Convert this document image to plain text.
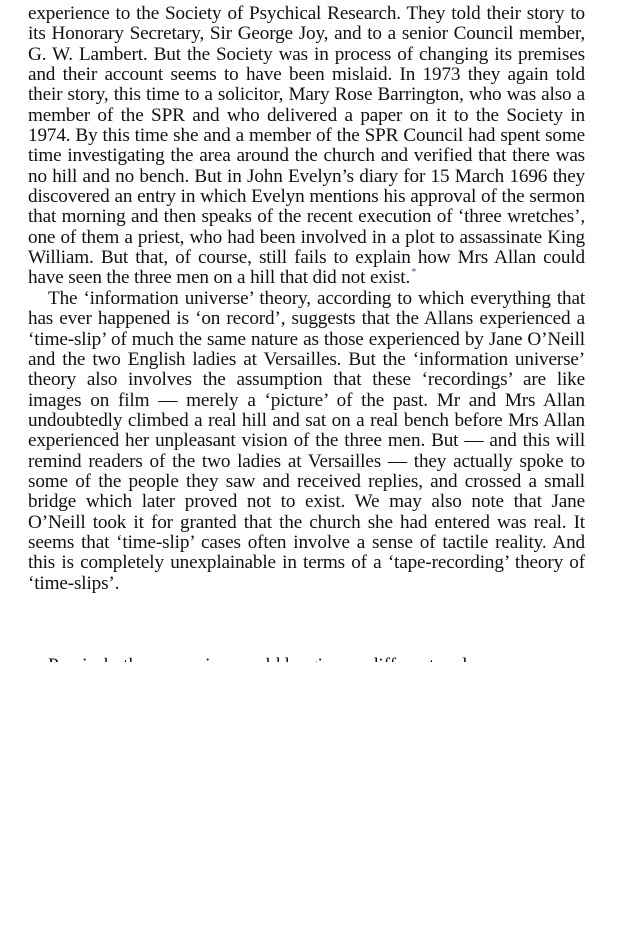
experience to the Society of Psychical Research. They told their story to its Honorary Secretary, Sir George Joy, and to a senior Council member, G. W. Lambert. But the Society was in process of changing its premises and their account seems to have been mislaid. In 1973 they again told their story, this time to a solicitor, Mary Rose Barrington, who was also a member of the SPR and who delivered a paper on it to the Society in 1974. By this time she and a member of the SPR Council had spent some time investigating the area around the church and verified that there was no hill and no bench. But in John Evelyn’s diary for 15 March 1696 they discovered an entry in which Evelyn mentions his approval of the sermon that morning and then speaks of the recent execution of ‘three wretches’, one of them a priest, who had been involved in a plot to assassinate King William. But that, of course, still fails to explain how Mrs Allan could have seen the three men on a hill that did not exist.*

The ‘information universe’ theory, according to which everything that has ever happened is ‘on record’, suggests that the Allans experienced a ‘time-slip’ of much the same nature as those experienced by Jane O’Neill and the two English ladies at Versailles. But the ‘information universe’ theory also involves the assumption that these ‘recordings’ are like images on film — merely a ‘picture’ of the past. Mr and Mrs Allan undoubtedly climbed a real hill and sat on a real bench before Mrs Allan experienced her unpleasant vision of the three men. But — and this will remind readers of the two ladies at Versailles — they actually spoke to some of the people they saw and received replies, and crossed a small bridge which later proved not to exist. We may also note that Jane O’Neill took it for granted that the church she had entered was real. It seems that ‘time-slip’ cases often involve a sense of tactile reality. And this is completely unexplainable in terms of a ‘tape-recording’ theory of ‘time-slips’.
